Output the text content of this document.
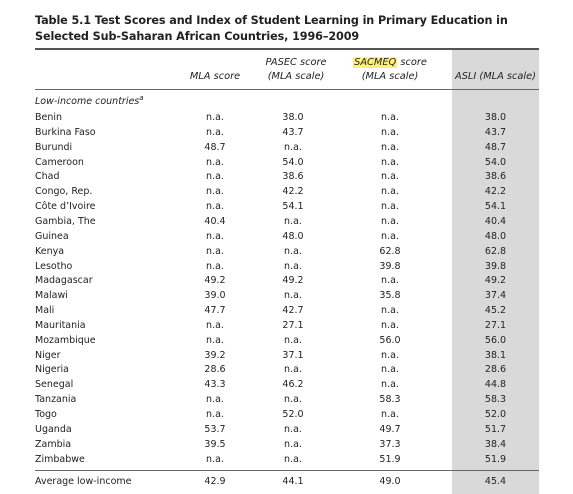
Table 5.1 Test Scores and Index of Student Learning in Primary Education in Selected Sub-Saharan African Countries, 1996–2009
MLA score
PASEC score
(MLA scale)
SACMEQ score
(MLA scale)	ASLI (MLA scale)
Low-income countries$^a$
Benin	n.a.	38.0	n.a.	38.0
Burkina Faso	n.a.	43.7	n.a.	43.7
Burundi	48.7	n.a.	n.a.	48.7
Cameroon	n.a.	54.0	n.a.	54.0
Chad	n.a.	38.6	n.a.	38.6
Congo, Rep.	n.a.	42.2	n.a.	42.2
Côte d’Ivoire	n.a.	54.1	n.a.	54.1
Gambia, The	40.4	n.a.	n.a.	40.4
Guinea	n.a.	48.0	n.a.	48.0
Kenya	n.a.	n.a.	62.8	62.8
Lesotho	n.a.	n.a.	39.8	39.8
Madagascar	49.2	49.2	n.a.	49.2
Malawi	39.0	n.a.	35.8	37.4
Mali	47.7	42.7	n.a.	45.2
Mauritania	n.a.	27.1	n.a.	27.1
Mozambique	n.a.	n.a.	56.0	56.0
Niger	39.2	37.1	n.a.	38.1
Nigeria	28.6	n.a.	n.a.	28.6
Senegal	43.3	46.2	n.a.	44.8
Tanzania	n.a.	n.a.	58.3	58.3
Togo	n.a.	52.0	n.a.	52.0
Uganda	53.7	n.a.	49.7	51.7
Zambia	39.5	n.a.	37.3	38.4
Zimbabwe	n.a.	n.a.	51.9	51.9
Average low-income	42.9	44.1	49.0	45.4
